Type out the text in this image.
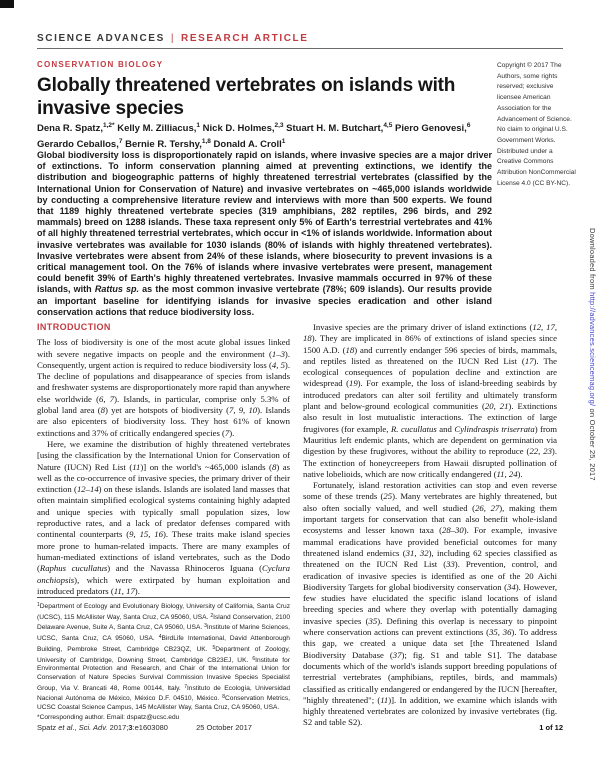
SCIENCE ADVANCES | RESEARCH ARTICLE
CONSERVATION BIOLOGY
Globally threatened vertebrates on islands with invasive species
Dena R. Spatz,$^{1,2*}$ Kelly M. Zilliacus,$^1$ Nick D. Holmes,$^{2,3}$ Stuart H. M. Butchart,$^{4,5}$ Piero Genovesi,$^6$ Gerardo Ceballos,$^7$ Bernie R. Tershy,$^{1,8}$ Donald A. Croll$^1$
Global biodiversity loss is disproportionately rapid on islands, where invasive species are a major driver of extinctions. To inform conservation planning aimed at preventing extinctions, we identify the distribution and biogeographic patterns of highly threatened terrestrial vertebrates (classified by the International Union for Conservation of Nature) and invasive vertebrates on ~465,000 islands worldwide by conducting a comprehensive literature review and interviews with more than 500 experts. We found that 1189 highly threatened vertebrate species (319 amphibians, 282 reptiles, 296 birds, and 292 mammals) breed on 1288 islands. These taxa represent only 5% of Earth's terrestrial vertebrates and 41% of all highly threatened terrestrial vertebrates, which occur in <1% of islands worldwide. Information about invasive vertebrates was available for 1030 islands (80% of islands with highly threatened vertebrates). Invasive vertebrates were absent from 24% of these islands, where biosecurity to prevent invasions is a critical management tool. On the 76% of islands where invasive vertebrates were present, management could benefit 39% of Earth's highly threatened vertebrates. Invasive mammals occurred in 97% of these islands, with Rattus sp. as the most common invasive vertebrate (78%; 609 islands). Our results provide an important baseline for identifying islands for invasive species eradication and other island conservation actions that reduce biodiversity loss.
Copyright © 2017 The Authors, some rights reserved; exclusive licensee American Association for the Advancement of Science. No claim to original U.S. Government Works. Distributed under a Creative Commons Attribution NonCommercial License 4.0 (CC BY-NC).
INTRODUCTION

The loss of biodiversity is one of the most acute global issues linked with severe negative impacts on people and the environment (1–3). Consequently, urgent action is required to reduce biodiversity loss (4, 5). The decline of populations and disappearance of species from islands and freshwater systems are disproportionately more rapid than anywhere else worldwide (6, 7). Islands, in particular, comprise only 5.3% of global land area (8) yet are hotspots of biodiversity (7, 9, 10). Islands are also epicenters of biodiversity loss. They host 61% of known extinctions and 37% of critically endangered species (7).

Here, we examine the distribution of highly threatened vertebrates [using the classification by the International Union for Conservation of Nature (IUCN) Red List (11)] on the world's ~465,000 islands (8) as well as the co-occurrence of invasive species, the primary driver of their extinction (12–14) on these islands. Islands are isolated land masses that often maintain simplified ecological systems containing highly adapted and unique species with typically small population sizes, low reproductive rates, and a lack of predator defenses compared with continental counterparts (9, 15, 16). These traits make island species more prone to human-related impacts. There are many examples of human-mediated extinctions of island vertebrates, such as the Dodo (Raphus cucullatus) and the Navassa Rhinoceros Iguana (Cyclura onchiopsis), which were extirpated by human exploitation and introduced predators (11, 17).

Invasive species are the primary driver of island extinctions (12, 17, 18). They are implicated in 86% of extinctions of island species since 1500 A.D. (18) and currently endanger 596 species of birds, mammals, and reptiles listed as threatened on the IUCN Red List (17). The ecological consequences of population decline and extinction are widespread (19). For example, the loss of island-breeding seabirds by introduced predators can alter soil fertility and ultimately transform plant and below-ground ecological communities (20, 21). Extinctions also result in lost mutualistic interactions. The extinction of large frugivores (for example, R. cucullatus and Cylindraspis triserrata) from Mauritius left endemic plants, which are dependent on germination via digestion by these frugivores, without the ability to reproduce (22, 23). The extinction of honeycreepers from Hawaii disrupted pollination of native lobelioids, which are now critically endangered (11, 24).

Fortunately, island restoration activities can stop and even reverse some of these trends (25). Many vertebrates are highly threatened, but also often socially valued, and well studied (26, 27), making them important targets for conservation that can also benefit whole-island ecosystems and lesser known taxa (28–30). For example, invasive mammal eradications have provided beneficial outcomes for many threatened island endemics (31, 32), including 62 species classified as threatened on the IUCN Red List (33). Prevention, control, and eradication of invasive species is identified as one of the 20 Aichi Biodiversity Targets for global biodiversity conservation (34). However, few studies have elucidated the specific island locations of island breeding species and where they overlap with potentially damaging invasive species (35). Defining this overlap is necessary to pinpoint where conservation actions can prevent extinctions (35, 36). To address this gap, we created a unique data set [the Threatened Island Biodiversity Database (37); fig. S1 and table S1]. The database documents which of the world's islands support breeding populations of terrestrial vertebrates (amphibians, reptiles, birds, and mammals) classified as critically endangered or endangered by the IUCN [hereafter, "highly threatened"; (11)]. In addition, we examine which islands with highly threatened vertebrates are colonized by invasive vertebrates (fig. S2 and table S2).

$^1$Department of Ecology and Evolutionary Biology, University of California, Santa Cruz (UCSC), 115 McAllister Way, Santa Cruz, CA 95060, USA. $^2$Island Conservation, 2100 Delaware Avenue, Suite A, Santa Cruz, CA 95060, USA. $^3$Institute of Marine Sciences, UCSC, Santa Cruz, CA 95060, USA. $^4$BirdLife International, David Attenborough Building, Pembroke Street, Cambridge CB23QZ, UK. $^5$Department of Zoology, University of Cambridge, Downing Street, Cambridge CB23EJ, UK. $^6$Institute for Environmental Protection and Research, and Chair of the International Union for Conservation of Nature Species Survival Commission Invasive Species Specialist Group, Via V. Brancati 48, Rome 00144, Italy. $^7$Instituto de Ecología, Universidad Nacional Autónoma de México, México D.F. 04510, México. $^8$Conservation Metrics, UCSC Coastal Science Campus, 145 McAllister Way, Santa Cruz, CA 95060, USA.
*Corresponding author. Email: dspatz@ucsc.edu
Spatz et al., Sci. Adv. 2017;3:e1603080	25 October 2017	1 of 12
Downloaded from http://advances.sciencemag.org/ on October 25, 2017
